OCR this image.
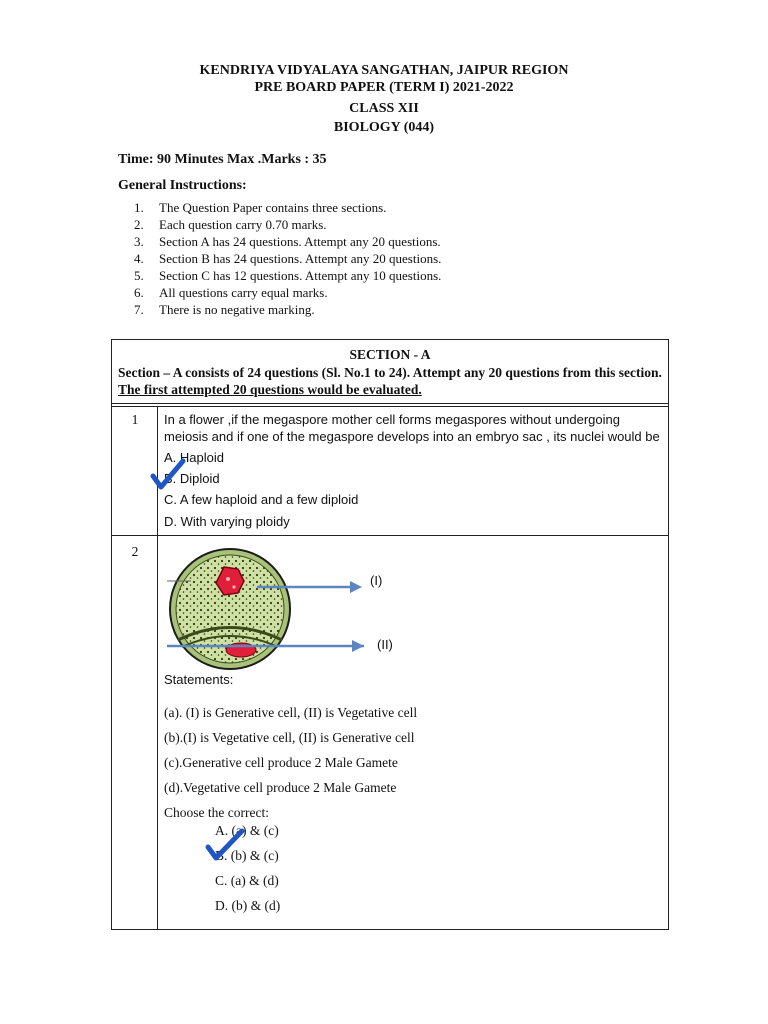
KENDRIYA VIDYALAYA SANGATHAN, JAIPUR REGION
PRE BOARD PAPER (TERM I) 2021-2022
CLASS XII
BIOLOGY (044)
Time: 90 Minutes Max .Marks : 35
General Instructions:
1. The Question Paper contains three sections.
2. Each question carry 0.70 marks.
3. Section A has 24 questions. Attempt any 20 questions.
4. Section B has 24 questions. Attempt any 20 questions.
5. Section C has 12 questions. Attempt any 10 questions.
6. All questions carry equal marks.
7. There is no negative marking.
SECTION - A
Section – A consists of 24 questions (Sl. No.1 to 24). Attempt any 20 questions from this section. The first attempted 20 questions would be evaluated.
1	In a flower ,if the megaspore mother cell forms megaspores without undergoing
meiosis and if one of the megaspore develops into an embryo sac , its nuclei would be
A. Haploid
B. Diploid
C. A few haploid and a few diploid
D. With varying ploidy
2
(I)
(II)
Statements:
(a). (I) is Generative cell, (II) is Vegetative cell
(b).(I) is Vegetative cell, (II) is Generative cell
(c).Generative cell produce 2 Male Gamete
(d).Vegetative cell produce 2 Male Gamete
Choose the correct:
A. (a) & (c)
B. (b) & (c)
C. (a) & (d)
D. (b) & (d)
